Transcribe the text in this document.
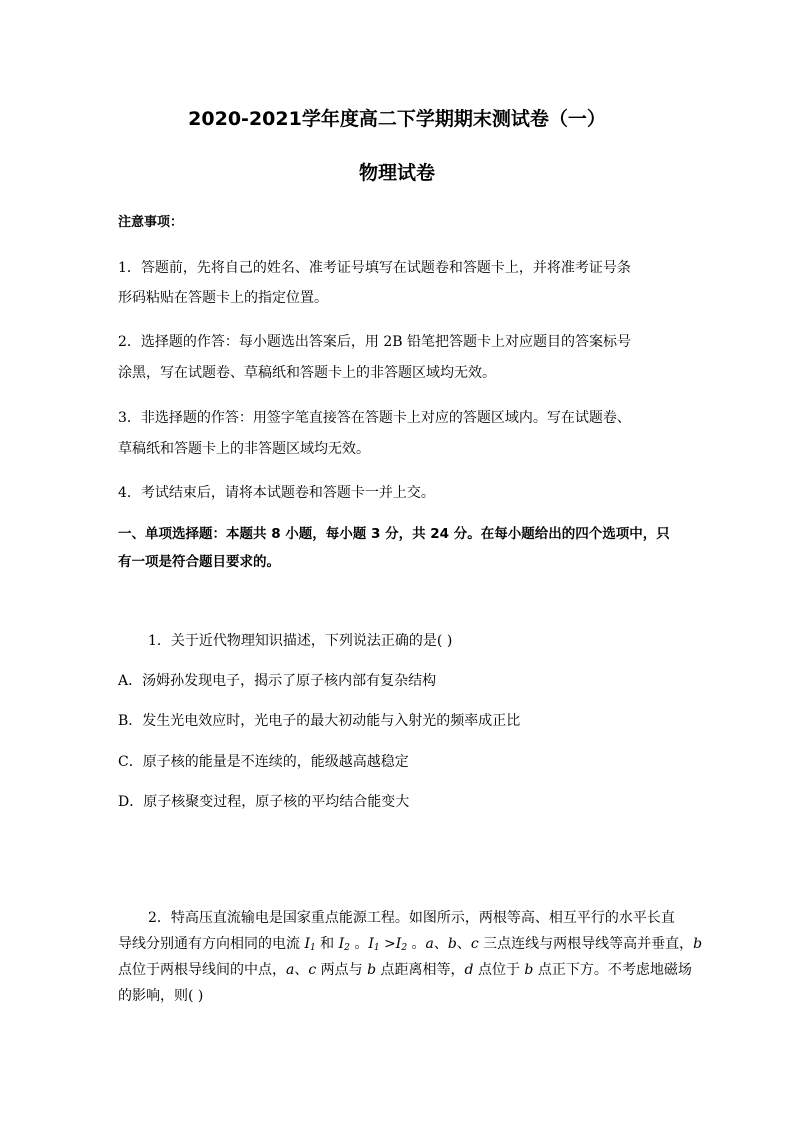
2020-2021学年度高二下学期期末测试卷（一）
物理试卷
注意事项：
1．答题前，先将自己的姓名、准考证号填写在试题卷和答题卡上，并将准考证号条
形码粘贴在答题卡上的指定位置。
2．选择题的作答：每小题选出答案后，用 2B 铅笔把答题卡上对应题目的答案标号
涂黑，写在试题卷、草稿纸和答题卡上的非答题区域均无效。
3．非选择题的作答：用签字笔直接答在答题卡上对应的答题区域内。写在试题卷、
草稿纸和答题卡上的非答题区域均无效。
4．考试结束后，请将本试题卷和答题卡一并上交。
一、单项选择题：本题共 8 小题，每小题 3 分，共 24 分。在每小题给出的四个选项中，只
有一项是符合题目要求的。
1．关于近代物理知识描述，下列说法正确的是( )
A．汤姆孙发现电子，揭示了原子核内部有复杂结构
B．发生光电效应时，光电子的最大初动能与入射光的频率成正比
C．原子核的能量是不连续的，能级越高越稳定
D．原子核聚变过程，原子核的平均结合能变大
2．特高压直流输电是国家重点能源工程。如图所示，两根等高、相互平行的水平长直
导线分别通有方向相同的电流 $I_1$ 和 $I_2$ 。$I_1 >I_2$ 。a、b、c 三点连线与两根导线等高并垂直，b
点位于两根导线间的中点，a、c 两点与 b 点距离相等，d 点位于 b 点正下方。不考虑地磁场
的影响，则( )
